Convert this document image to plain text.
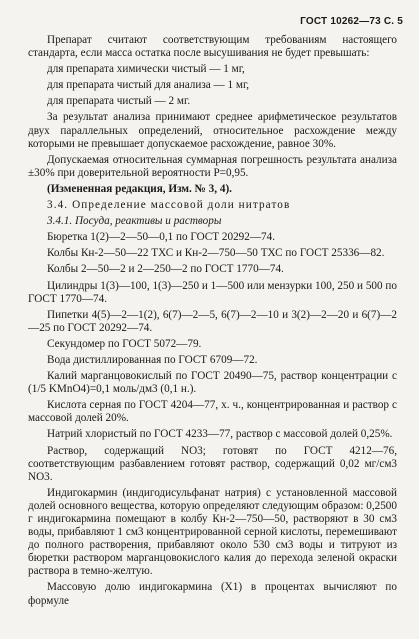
ГОСТ 10262—73 С. 5

Препарат считают соответствующим требованиям настоящего стандарта, если масса остатка после высушивания не будет превышать:

для препарата химически чистый — 1 мг,

для препарата чистый для анализа — 1 мг,

для препарата чистый — 2 мг.

За результат анализа принимают среднее арифметическое результатов двух параллельных определений, относительное расхождение между которыми не превышает допускаемое расхождение, равное 30%.

Допускаемая относительная суммарная погрешность результата анализа ±30% при доверительной вероятности P=0,95.

(Измененная редакция, Изм. № 3, 4).

3.4. Определение массовой доли нитратов

3.4.1. Посуда, реактивы и растворы

Бюретка 1(2)—2—50—0,1 по ГОСТ 20292—74.

Колбы Кн-2—50—22 ТХС и Кн-2—750—50 ТХС по ГОСТ 25336—82.

Колбы 2—50—2 и 2—250—2 по ГОСТ 1770—74.

Цилиндры 1(3)—100, 1(3)—250 и 1—500 или мензурки 100, 250 и 500 по ГОСТ 1770—74.

Пипетки 4(5)—2—1(2), 6(7)—2—5, 6(7)—2—10 и 3(2)—2—20 и 6(7)—2—25 по ГОСТ 20292—74.

Секундомер по ГОСТ 5072—79.

Вода дистиллированная по ГОСТ 6709—72.

Калий марганцовокислый по ГОСТ 20490—75, раствор концентрации с (1/5 KMnO4)=0,1 моль/дм3 (0,1 н.).

Кислота серная по ГОСТ 4204—77, х. ч., концентрированная и раствор с массовой долей 20%.

Натрий хлористый по ГОСТ 4233—77, раствор с массовой долей 0,25%.

Раствор, содержащий NO3; готовят по ГОСТ 4212—76, соответствующим разбавлением готовят раствор, содержащий 0,02 мг/см3 NO3.

Индигокармин (индигодисульфанат натрия) с установленной массовой долей основного вещества, которую определяют следующим образом: 0,2500 г индигокармина помещают в колбу Кн-2—750—50, растворяют в 30 см3 воды, прибавляют 1 см3 концентрированной серной кислоты, перемешивают до полного растворения, прибавляют около 530 см3 воды и титруют из бюретки раствором марганцовокислого калия до перехода зеленой окраски раствора в темно-желтую.

Массовую долю индигокармина (X1) в процентах вычисляют по формуле
